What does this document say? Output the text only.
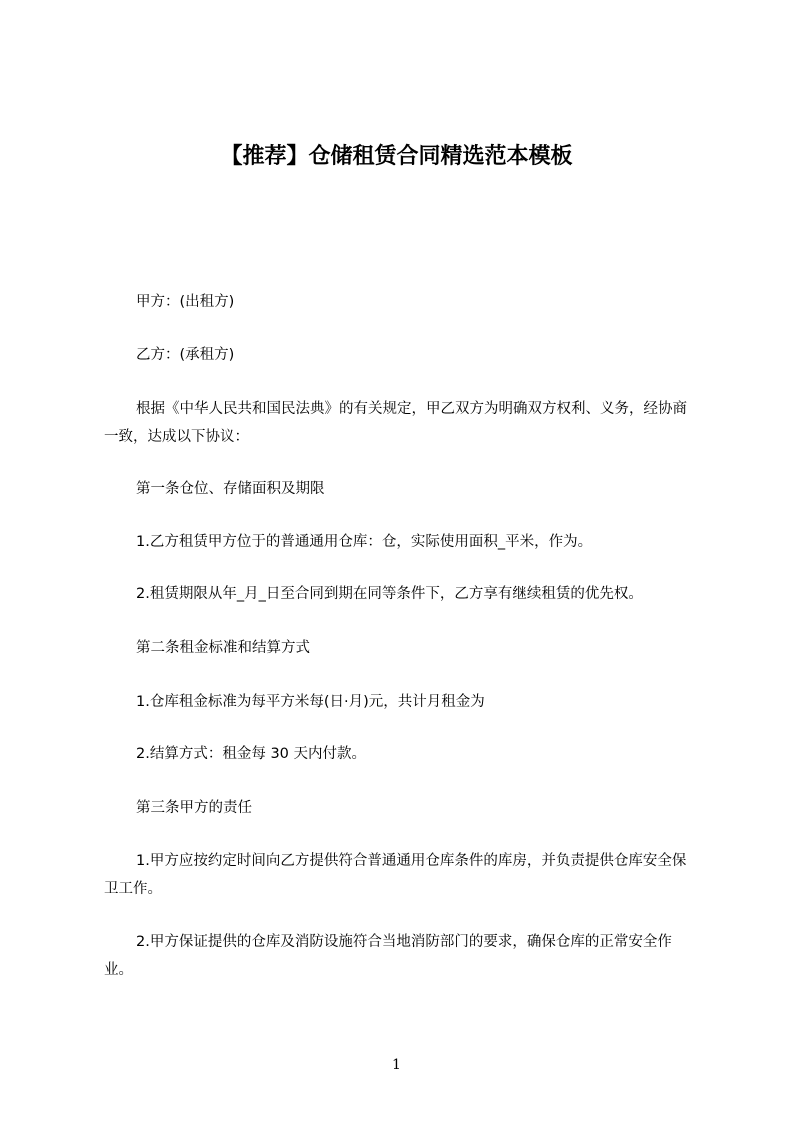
【推荐】仓储租赁合同精选范本模板
甲方：(出租方)
乙方：(承租方)
根据《中华人民共和国民法典》的有关规定，甲乙双方为明确双方权利、义务，经协商一致，达成以下协议：
第一条仓位、存储面积及期限
1.乙方租赁甲方位于的普通通用仓库：仓，实际使用面积_平米，作为。
2.租赁期限从年_月_日至合同到期在同等条件下，乙方享有继续租赁的优先权。
第二条租金标准和结算方式
1.仓库租金标准为每平方米每(日·月)元，共计月租金为
2.结算方式：租金每 30 天内付款。
第三条甲方的责任
1.甲方应按约定时间向乙方提供符合普通通用仓库条件的库房，并负责提供仓库安全保卫工作。
2.甲方保证提供的仓库及消防设施符合当地消防部门的要求，确保仓库的正常安全作业。
1
